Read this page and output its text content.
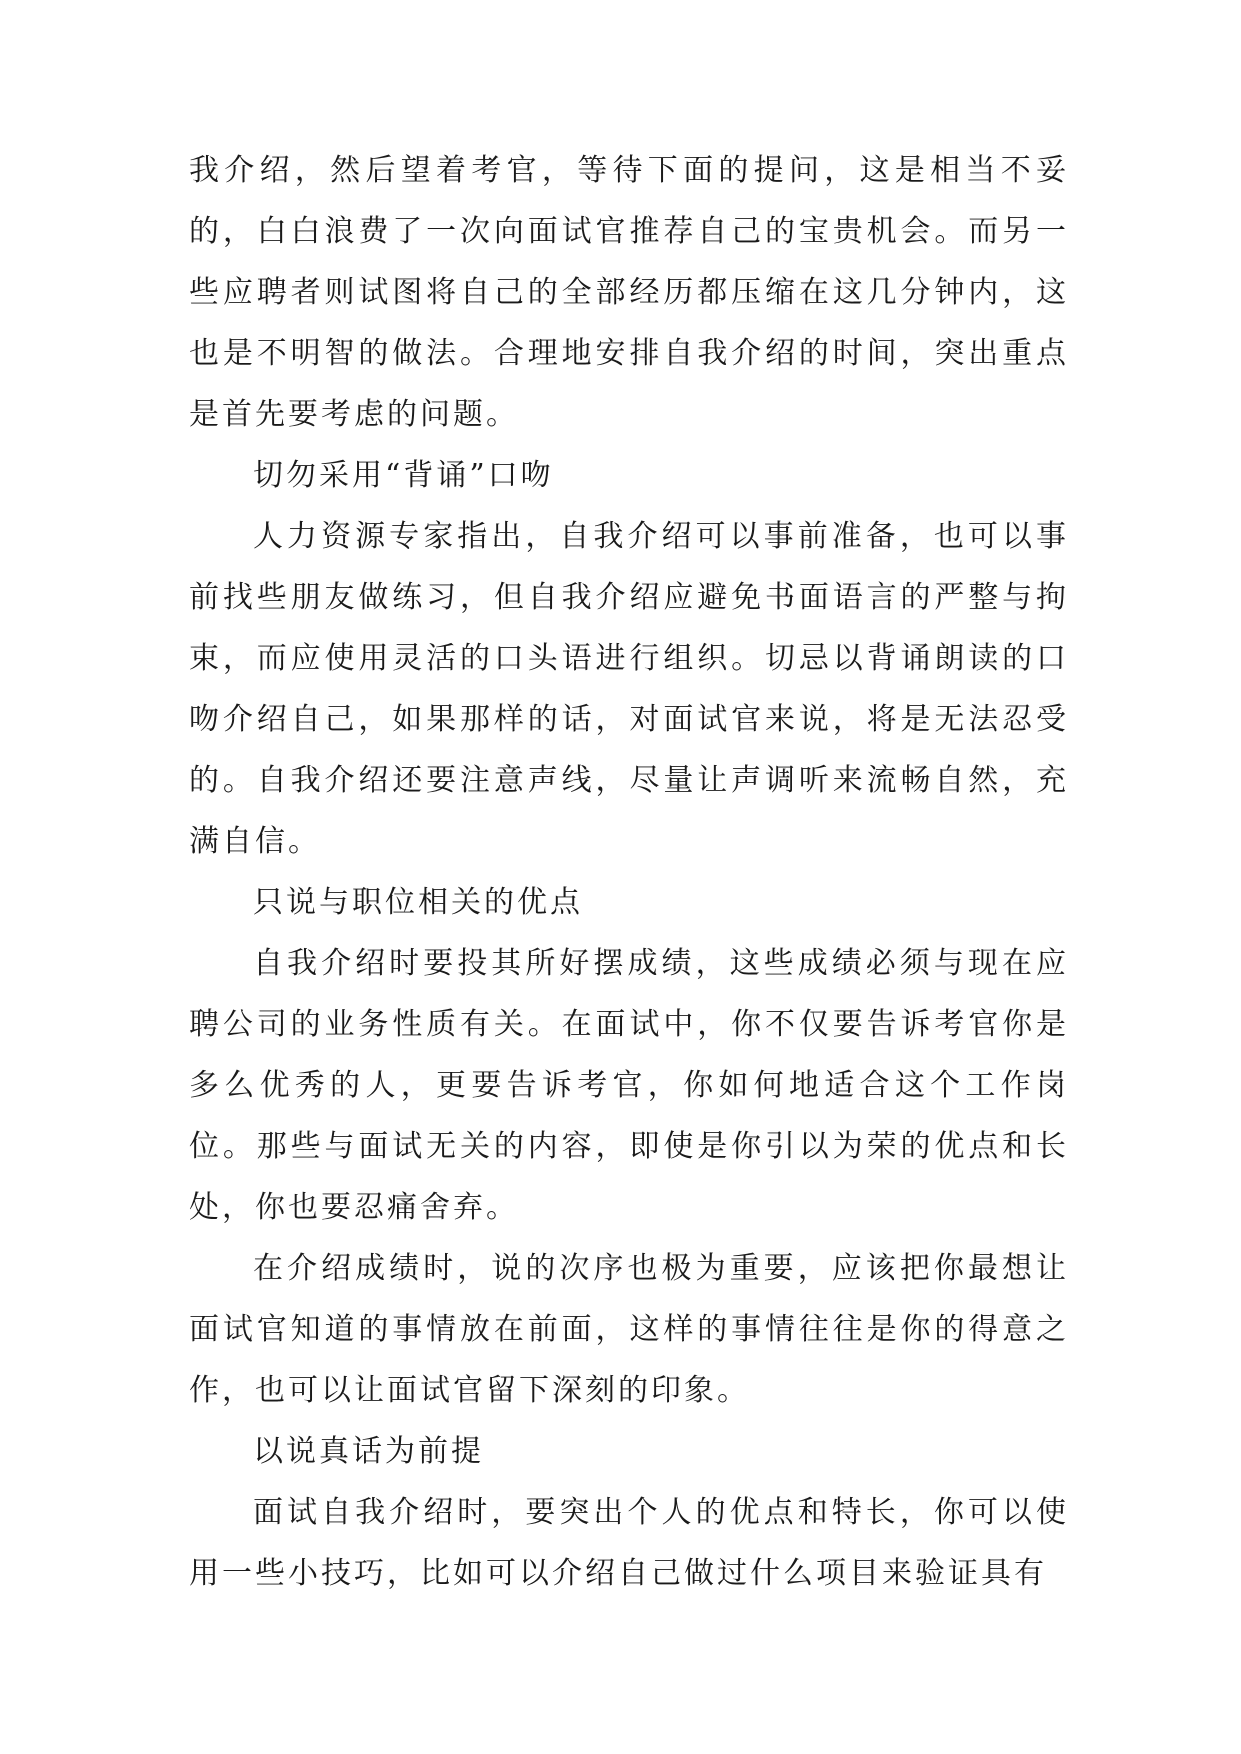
我介绍，然后望着考官，等待下面的提问，这是相当不妥的，白白浪费了一次向面试官推荐自己的宝贵机会。而另一些应聘者则试图将自己的全部经历都压缩在这几分钟内，这也是不明智的做法。合理地安排自我介绍的时间，突出重点是首先要考虑的问题。

切勿采用“背诵”口吻

人力资源专家指出，自我介绍可以事前准备，也可以事前找些朋友做练习，但自我介绍应避免书面语言的严整与拘束，而应使用灵活的口头语进行组织。切忌以背诵朗读的口吻介绍自己，如果那样的话，对面试官来说，将是无法忍受的。自我介绍还要注意声线，尽量让声调听来流畅自然，充满自信。

只说与职位相关的优点

自我介绍时要投其所好摆成绩，这些成绩必须与现在应聘公司的业务性质有关。在面试中，你不仅要告诉考官你是多么优秀的人，更要告诉考官，你如何地适合这个工作岗位。那些与面试无关的内容，即使是你引以为荣的优点和长处，你也要忍痛舍弃。

在介绍成绩时，说的次序也极为重要，应该把你最想让面试官知道的事情放在前面，这样的事情往往是你的得意之作，也可以让面试官留下深刻的印象。

以说真话为前提

面试自我介绍时，要突出个人的优点和特长，你可以使用一些小技巧，比如可以介绍自己做过什么项目来验证具有
